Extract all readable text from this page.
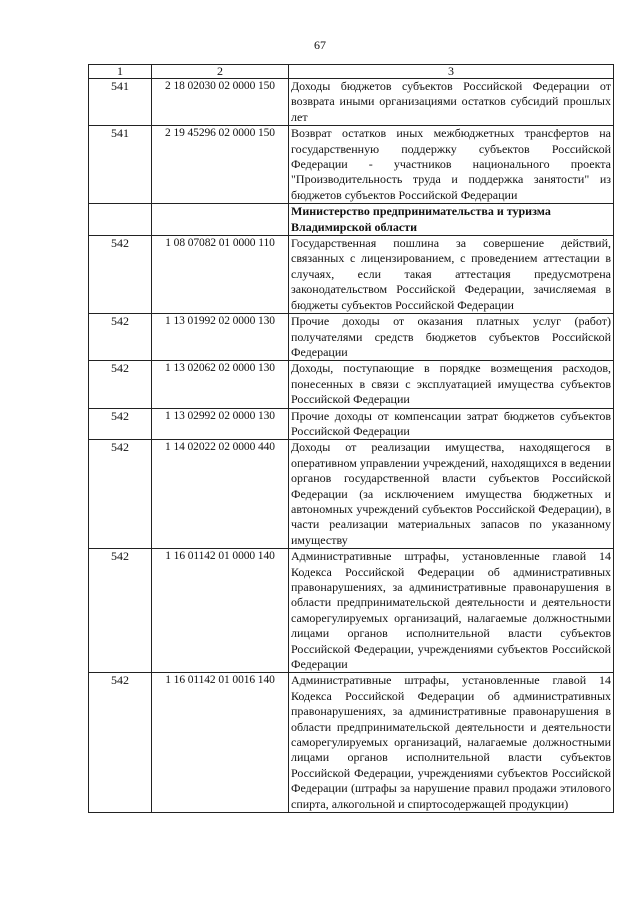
67
1	2	3
541	2 18 02030 02 0000 150	Доходы бюджетов субъектов Российской Федерации от возврата иными организациями остатков субсидий прошлых лет
541	2 19 45296 02 0000 150	Возврат остатков иных межбюджетных трансфертов на государственную поддержку субъектов Российской Федерации - участников национального проекта "Производительность труда и поддержка занятости" из бюджетов субъектов Российской Федерации
		Министерство предпринимательства и туризма Владимирской области
542	1 08 07082 01 0000 110	Государственная пошлина за совершение действий, связанных с лицензированием, с проведением аттестации в случаях, если такая аттестация предусмотрена законодательством Российской Федерации, зачисляемая в бюджеты субъектов Российской Федерации
542	1 13 01992 02 0000 130	Прочие доходы от оказания платных услуг (работ) получателями средств бюджетов субъектов Российской Федерации
542	1 13 02062 02 0000 130	Доходы, поступающие в порядке возмещения расходов, понесенных в связи с эксплуатацией имущества субъектов Российской Федерации
542	1 13 02992 02 0000 130	Прочие доходы от компенсации затрат бюджетов субъектов Российской Федерации
542	1 14 02022 02 0000 440	Доходы от реализации имущества, находящегося в оперативном управлении учреждений, находящихся в ведении органов государственной власти субъектов Российской Федерации (за исключением имущества бюджетных и автономных учреждений субъектов Российской Федерации), в части реализации материальных запасов по указанному имуществу
542	1 16 01142 01 0000 140	Административные штрафы, установленные главой 14 Кодекса Российской Федерации об административных правонарушениях, за административные правонарушения в области предпринимательской деятельности и деятельности саморегулируемых организаций, налагаемые должностными лицами органов исполнительной власти субъектов Российской Федерации, учреждениями субъектов Российской Федерации
542	1 16 01142 01 0016 140	Административные штрафы, установленные главой 14 Кодекса Российской Федерации об административных правонарушениях, за административные правонарушения в области предпринимательской деятельности и деятельности саморегулируемых организаций, налагаемые должностными лицами органов исполнительной власти субъектов Российской Федерации, учреждениями субъектов Российской Федерации (штрафы за нарушение правил продажи этилового спирта, алкогольной и спиртосодержащей продукции)
